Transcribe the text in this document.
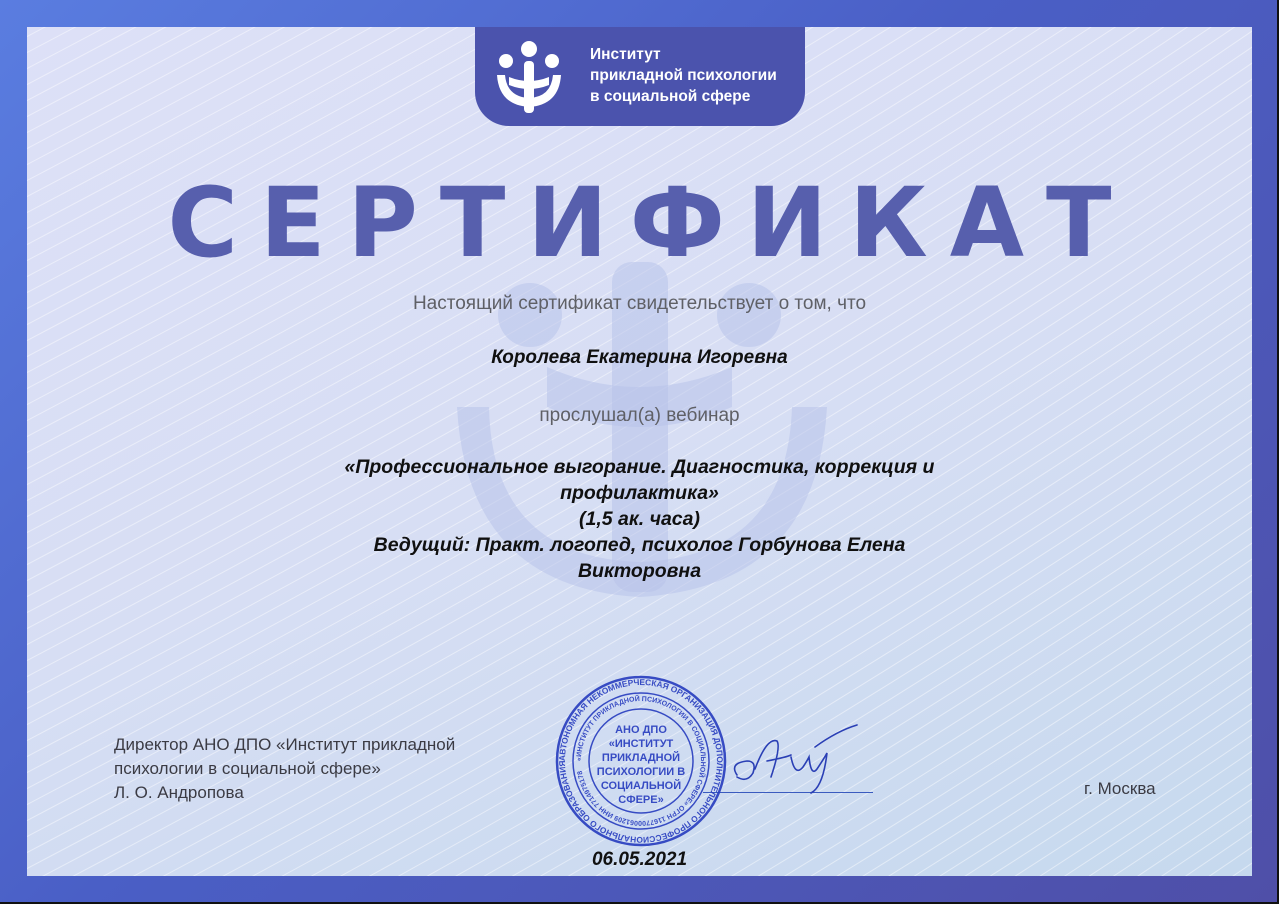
Институт
прикладной психологии
в социальной сфере
СЕРТИФИКАТ
Настоящий сертификат свидетельствует о том, что
Королева Екатерина Игоревна
прослушал(а) вебинар
«Профессиональное выгорание. Диагностика, коррекция и
профилактика»
(1,5 ак. часа)
Ведущий: Практ. логопед, психолог Горбунова Елена
Викторовна
Директор АНО ДПО «Институт прикладной
психологии в социальной сфере»
Л. О. Андропова
АВТОНОМНАЯ НЕКОММЕРЧЕСКАЯ ОРГАНИЗАЦИЯ ДОПОЛНИТЕЛЬНОГО ПРОФЕССИОНАЛЬНОГО ОБРАЗОВАНИЯ
«ИНСТИТУТ ПРИКЛАДНОЙ ПСИХОЛОГИИ В СОЦИАЛЬНОЙ СФЕРЕ» ОГРН 1167700061209 ИНН 7714975178
АНО ДПО
«ИНСТИТУТ
ПРИКЛАДНОЙ
ПСИХОЛОГИИ В
СОЦИАЛЬНОЙ
СФЕРЕ»
г. Москва
06.05.2021
